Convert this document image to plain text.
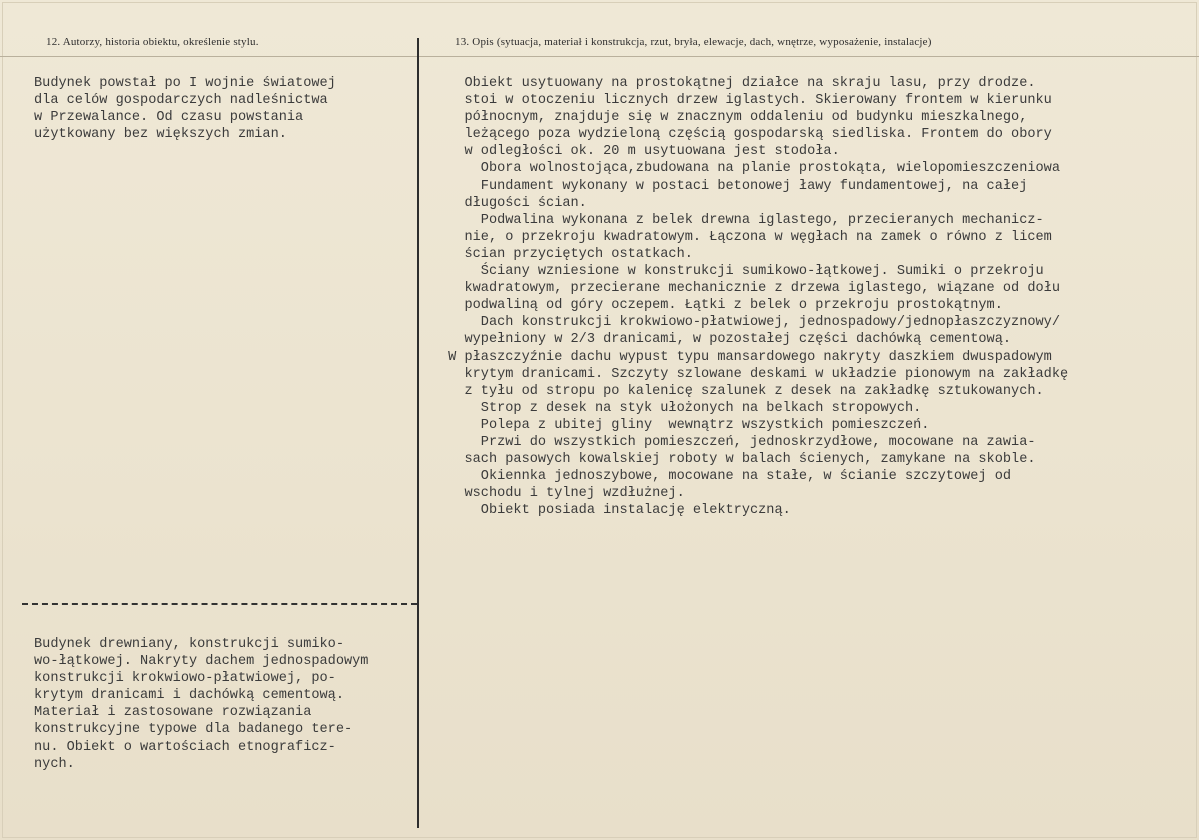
12. Autorzy, historia obiektu, określenie stylu.	13. Opis (sytuacja, materiał i konstrukcja, rzut, bryła, elewacje, dach, wnętrze, wyposażenie, instalacje)
Budynek powstał po I wojnie światowej
dla celów gospodarczych nadleśnictwa
w Przewalance. Od czasu powstania
użytkowany bez większych zmian.
Budynek drewniany, konstrukcji sumiko-
wo-łątkowej. Nakryty dachem jednospadowym
konstrukcji krokwiowo-płatwiowej, po-
krytym dranicami i dachówką cementową.
Materiał i zastosowane rozwiązania
konstrukcyjne typowe dla badanego tere-
nu. Obiekt o wartościach etnograficz-
nych.
Obiekt usytuowany na prostokątnej działce na skraju lasu, przy drodze.
stoi w otoczeniu licznych drzew iglastych. Skierowany frontem w kierunku
północnym, znajduje się w znacznym oddaleniu od budynku mieszkalnego,
leżącego poza wydzieloną częścią gospodarską siedliska. Frontem do obory
w odległości ok. 20 m usytuowana jest stodoła.
Obora wolnostojąca,zbudowana na planie prostokąta, wielopomieszczeniowa
Fundament wykonany w postaci betonowej ławy fundamentowej, na całej
długości ścian.
Podwalina wykonana z belek drewna iglastego, przecieranych mechanicz-
nie, o przekroju kwadratowym. Łączona w węgłach na zamek o równo z licem
ścian przyciętych ostatkach.
Ściany wzniesione w konstrukcji sumikowo-łątkowej. Sumiki o przekroju
kwadratowym, przecierane mechanicznie z drzewa iglastego, wiązane od dołu
podwaliną od góry oczepem. Łątki z belek o przekroju prostokątnym.
Dach konstrukcji krokwiowo-płatwiowej, jednospadowy/jednopłaszczyznowy/
wypełniony w 2/3 dranicami, w pozostałej części dachówką cementową.
W płaszczyźnie dachu wypust typu mansardowego nakryty daszkiem dwuspadowym
krytym dranicami. Szczyty szlowane deskami w układzie pionowym na zakładkę
z tyłu od stropu po kalenicę szalunek z desek na zakładkę sztukowanych.
Strop z desek na styk ułożonych na belkach stropowych.
Polepa z ubitej gliny  wewnątrz wszystkich pomieszczeń.
Przwi do wszystkich pomieszczeń, jednoskrzydłowe, mocowane na zawia-
sach pasowych kowalskiej roboty w balach ścienych, zamykane na skoble.
Okiennka jednoszybowe, mocowane na stałe, w ścianie szczytowej od
wschodu i tylnej wzdłużnej.
Obiekt posiada instalację elektryczną.
